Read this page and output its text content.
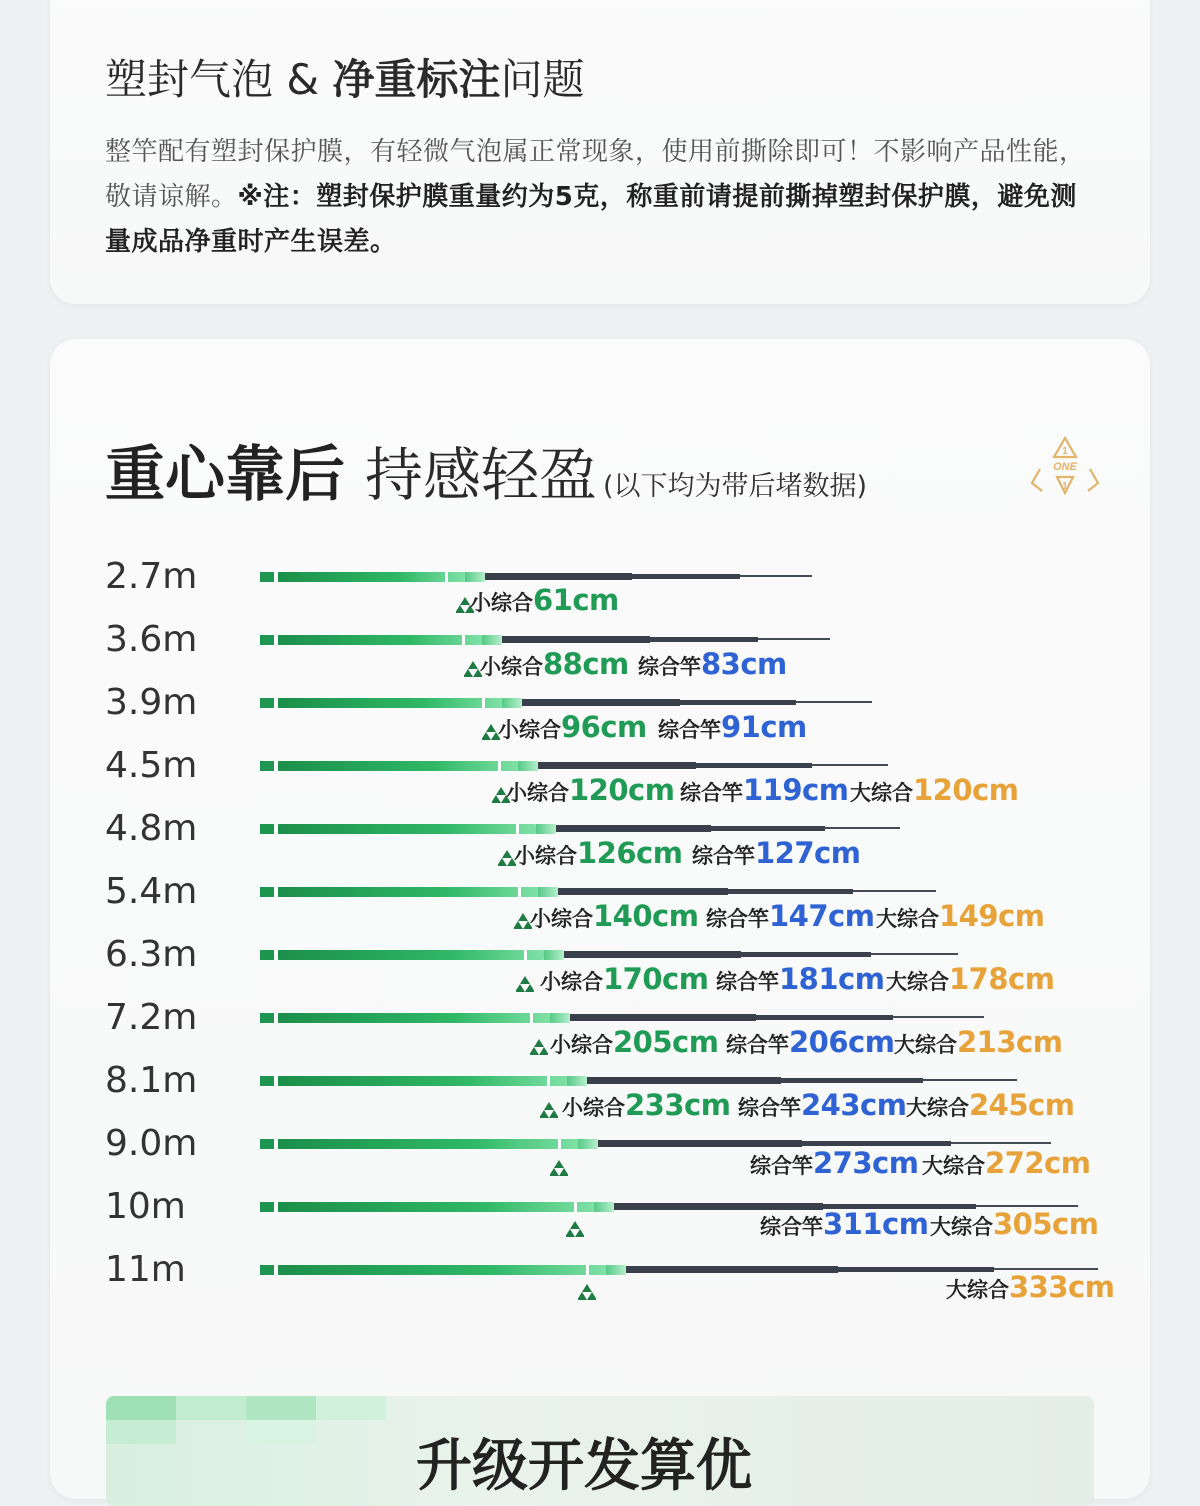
塑封气泡 & 净重标注问题
整竿配有塑封保护膜，有轻微气泡属正常现象，使用前撕除即可！不影响产品性能，敬请谅解。※注：塑封保护膜重量约为5克，称重前请提前撕掉塑封保护膜，避免测量成品净重时产生误差。
重心靠后 持感轻盈 (以下均为带后堵数据)
1
ONE
1
2.7m
小综合61cm
3.6m
小综合88cm 综合竿83cm
3.9m
小综合96cm 综合竿91cm
4.5m
小综合120cm 综合竿119cm 大综合120cm
4.8m
小综合126cm 综合竿127cm
5.4m
小综合140cm 综合竿147cm 大综合149cm
6.3m
小综合170cm 综合竿181cm 大综合178cm
7.2m
小综合205cm 综合竿206cm 大综合213cm
8.1m
小综合233cm 综合竿243cm 大综合245cm
9.0m
综合竿273cm 大综合272cm
10m	综合竿311cm 大综合305cm
11m	大综合333cm
升级开发算优
